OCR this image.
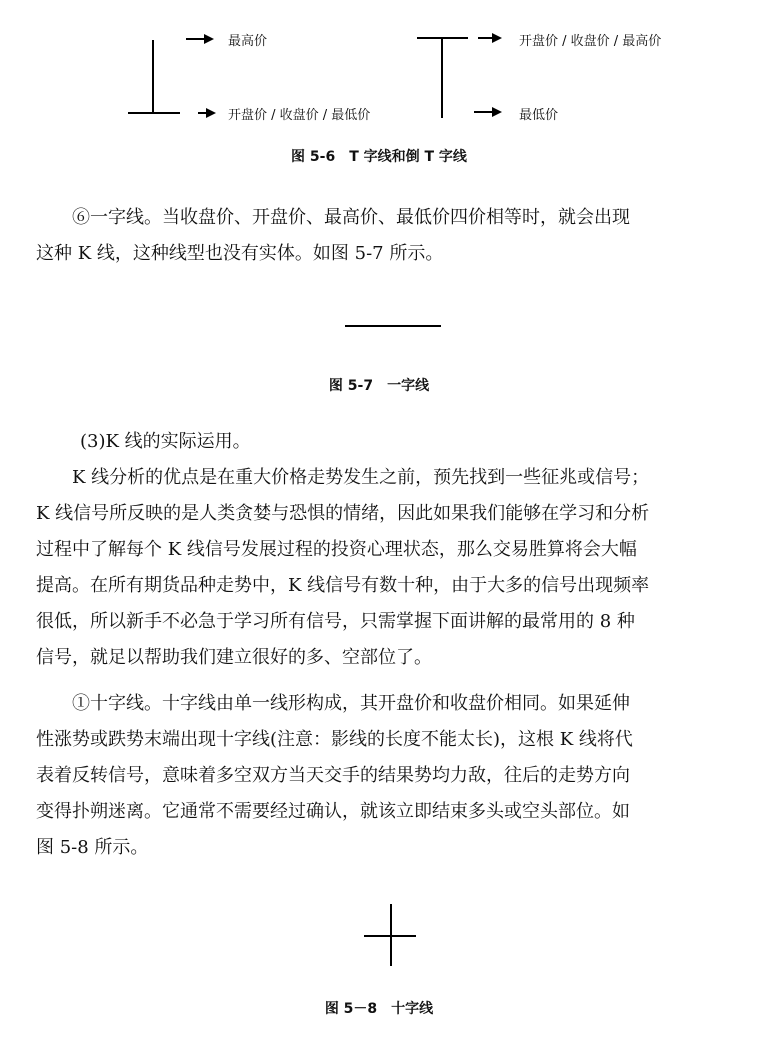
最高价
开盘价 / 收盘价 / 最低价
开盘价 / 收盘价 / 最高价
最低价
图 5-6　T 字线和倒 T 字线
⑥一字线。当收盘价、开盘价、最高价、最低价四价相等时，就会出现
这种 K 线，这种线型也没有实体。如图 5-7 所示。
图 5-7　一字线
(3)K 线的实际运用。
K 线分析的优点是在重大价格走势发生之前，预先找到一些征兆或信号；
K 线信号所反映的是人类贪婪与恐惧的情绪，因此如果我们能够在学习和分析
过程中了解每个 K 线信号发展过程的投资心理状态，那么交易胜算将会大幅
提高。在所有期货品种走势中，K 线信号有数十种，由于大多的信号出现频率
很低，所以新手不必急于学习所有信号，只需掌握下面讲解的最常用的 8 种
信号，就足以帮助我们建立很好的多、空部位了。
①十字线。十字线由单一线形构成，其开盘价和收盘价相同。如果延伸
性涨势或跌势末端出现十字线(注意：影线的长度不能太长)，这根 K 线将代
表着反转信号，意味着多空双方当天交手的结果势均力敌，往后的走势方向
变得扑朔迷离。它通常不需要经过确认，就该立即结束多头或空头部位。如
图 5-8 所示。
图 5－8　十字线
